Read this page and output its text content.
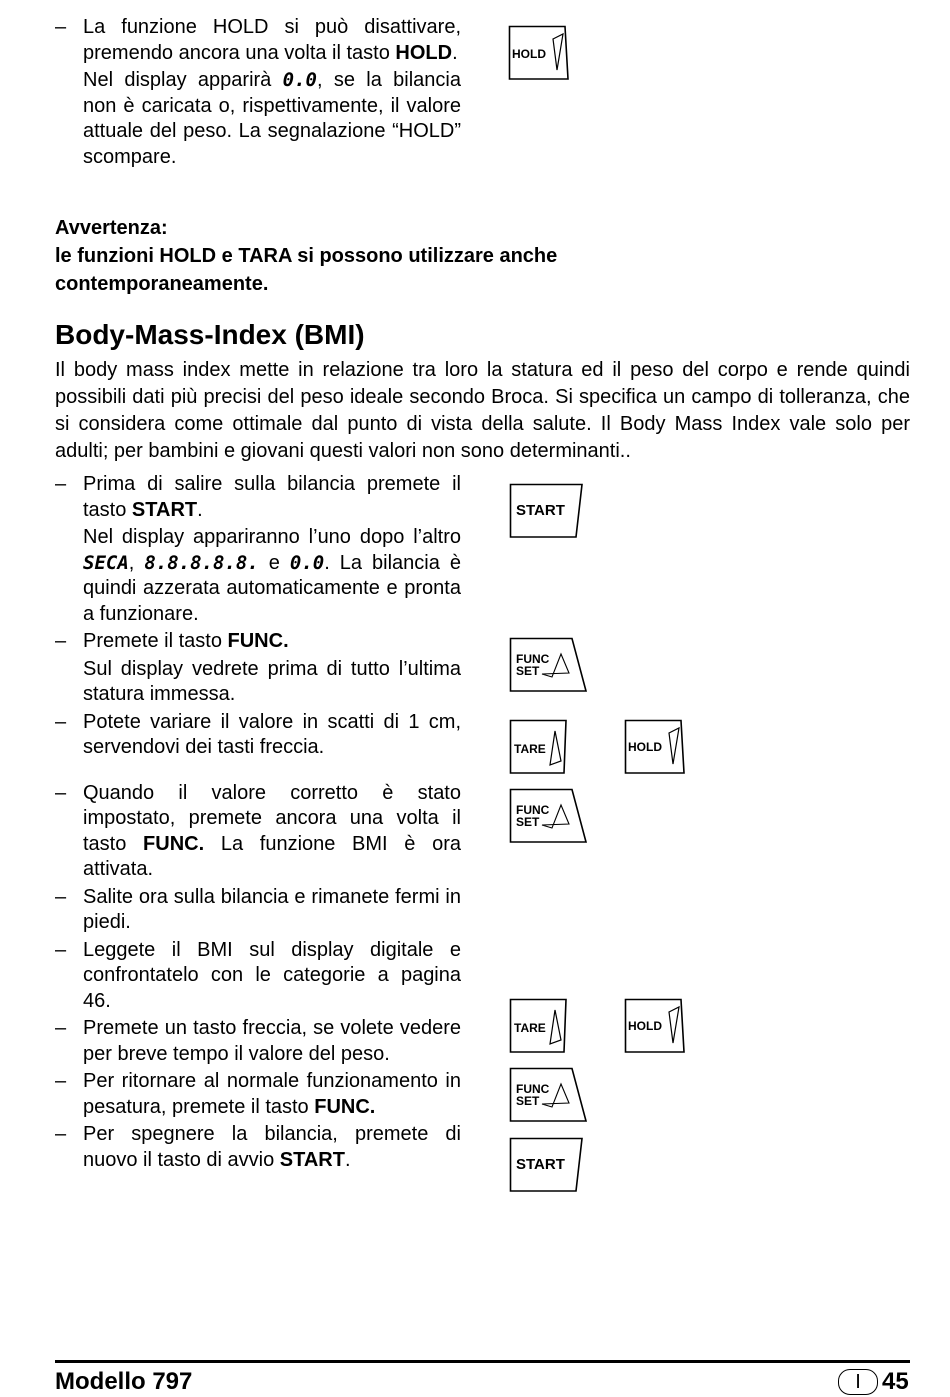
– La funzione HOLD si può disattivare, premendo ancora una volta il tasto HOLD.

Nel display apparirà 0.0, se la bilancia non è caricata o, rispettivamente, il valore attuale del peso. La segnalazione “HOLD” scompare.

Avvertenza:
le funzioni HOLD e TARA si possono utilizzare anche contemporaneamente.
Body-Mass-Index (BMI)
Il body mass index mette in relazione tra loro la statura ed il peso del corpo e rende quindi possibili dati più precisi del peso ideale secondo Broca. Si specifica un campo di tolleranza, che si considera come ottimale dal punto di vista della salute. Il Body Mass Index vale solo per adulti; per bambini e giovani questi valori non sono determinanti..
– Prima di salire sulla bilancia premete il tasto START.

Nel display appariranno l’uno dopo l’altro SECA, 8.8.8.8.8. e 0.0. La bilancia è quindi azzerata automaticamente e pronta a funzionare.

– Premete il tasto FUNC.

Sul display vedrete prima di tutto l’ultima statura immessa.

– Potete variare il valore in scatti di 1 cm, servendovi dei tasti freccia.

– Quando il valore corretto è stato impostato, premete ancora una volta il tasto FUNC. La funzione BMI è ora attivata.

– Salite ora sulla bilancia e rimanete fermi in piedi.

– Leggete il BMI sul display digitale e confrontatelo con le categorie a pagina 46.

– Premete un tasto freccia, se volete vedere per breve tempo il valore del peso.

– Per ritornare al normale funzionamento in pesatura, premete il tasto FUNC.

– Per spegnere la bilancia, premete di nuovo il tasto di avvio START.

HOLD
START
FUNC
SET
TARE	HOLD
FUNC
SET
TARE	HOLD
FUNC
SET
START
Modello 797	I 45
